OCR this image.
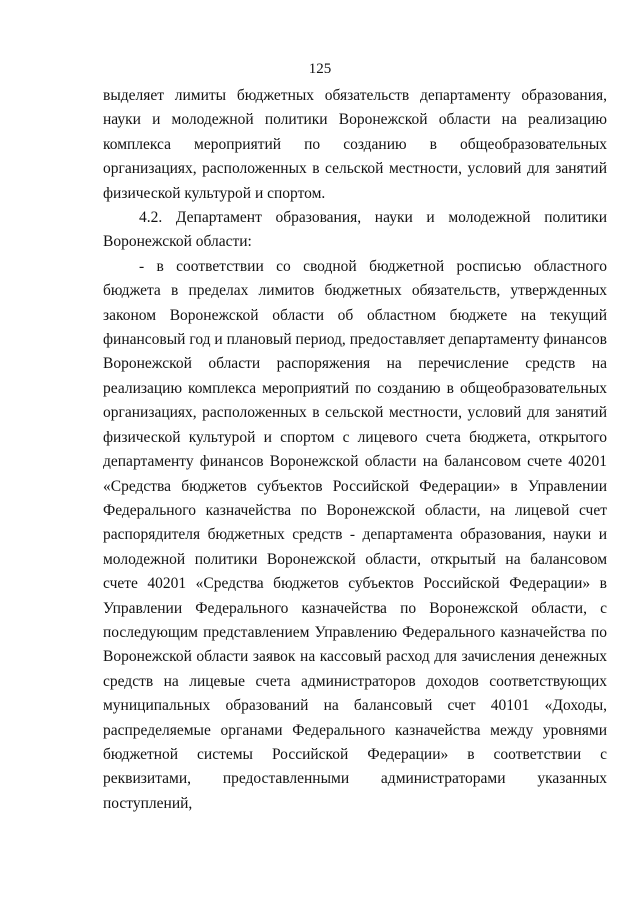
125

выделяет лимиты бюджетных обязательств департаменту образования, науки и молодежной политики Воронежской области на реализацию комплекса мероприятий по созданию в общеобразовательных организациях, расположенных в сельской местности, условий для занятий физической культурой и спортом.

4.2. Департамент образования, науки и молодежной политики Воронежской области:

- в соответствии со сводной бюджетной росписью областного бюджета в пределах лимитов бюджетных обязательств, утвержденных законом Воронежской области об областном бюджете на текущий финансовый год и плановый период, предоставляет департаменту финансов Воронежской области распоряжения на перечисление средств на реализацию комплекса мероприятий по созданию в общеобразовательных организациях, расположенных в сельской местности, условий для занятий физической культурой и спортом с лицевого счета бюджета, открытого департаменту финансов Воронежской области на балансовом счете 40201 «Средства бюджетов субъектов Российской Федерации» в Управлении Федерального казначейства по Воронежской области, на лицевой счет распорядителя бюджетных средств - департамента образования, науки и молодежной политики Воронежской области, открытый на балансовом счете 40201 «Средства бюджетов субъектов Российской Федерации» в Управлении Федерального казначейства по Воронежской области, с последующим представлением Управлению Федерального казначейства по Воронежской области заявок на кассовый расход для зачисления денежных средств на лицевые счета администраторов доходов соответствующих муниципальных образований на балансовый счет 40101 «Доходы, распределяемые органами Федерального казначейства между уровнями бюджетной системы Российской Федерации» в соответствии с реквизитами, предоставленными администраторами указанных поступлений,
